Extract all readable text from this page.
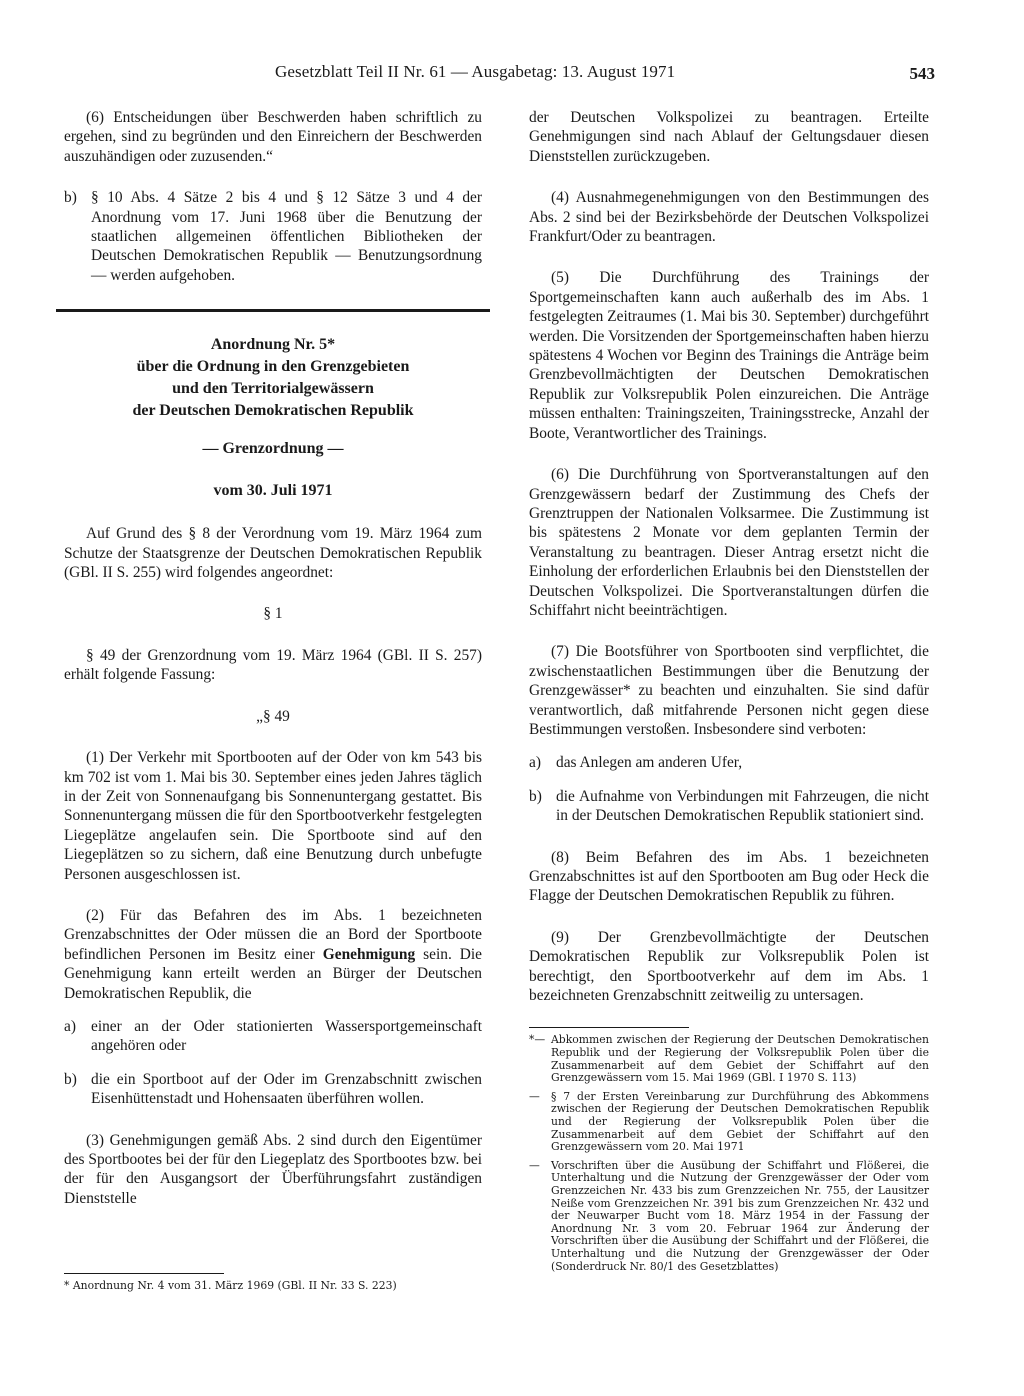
Gesetzblatt Teil II Nr. 61 — Ausgabetag: 13. August 1971	543

(6) Entscheidungen über Beschwerden haben schriftlich zu ergehen, sind zu begründen und den Einreichern der Beschwerden auszuhändigen oder zuzusenden.“

b) § 10 Abs. 4 Sätze 2 bis 4 und § 12 Sätze 3 und 4 der Anordnung vom 17. Juni 1968 über die Benutzung der staatlichen allgemeinen öffentlichen Bibliotheken der Deutschen Demokratischen Republik — Benutzungsordnung — werden aufgehoben.
Anordnung Nr. 5*
über die Ordnung in den Grenzgebieten
und den Territorialgewässern
der Deutschen Demokratischen Republik
— Grenzordnung —
vom 30. Juli 1971

Auf Grund des § 8 der Verordnung vom 19. März 1964 zum Schutze der Staatsgrenze der Deutschen Demokratischen Republik (GBl. II S. 255) wird folgendes angeordnet:

§ 1

§ 49 der Grenzordnung vom 19. März 1964 (GBl. II S. 257) erhält folgende Fassung:

„§ 49

(1) Der Verkehr mit Sportbooten auf der Oder von km 543 bis km 702 ist vom 1. Mai bis 30. September eines jeden Jahres täglich in der Zeit von Sonnenaufgang bis Sonnenuntergang gestattet. Bis Sonnenuntergang müssen die für den Sportbootverkehr festgelegten Liegeplätze angelaufen sein. Die Sportboote sind auf den Liegeplätzen so zu sichern, daß eine Benutzung durch unbefugte Personen ausgeschlossen ist.

(2) Für das Befahren des im Abs. 1 bezeichneten Grenzabschnittes der Oder müssen die an Bord der Sportboote befindlichen Personen im Besitz einer Genehmigung sein. Die Genehmigung kann erteilt werden an Bürger der Deutschen Demokratischen Republik, die

a) einer an der Oder stationierten Wassersportgemeinschaft angehören oder
b) die ein Sportboot auf der Oder im Grenzabschnitt zwischen Eisenhüttenstadt und Hohensaaten überführen wollen.

(3) Genehmigungen gemäß Abs. 2 sind durch den Eigentümer des Sportbootes bei der für den Liegeplatz des Sportbootes bzw. bei der für den Ausgangsort der Überführungsfahrt zuständigen Dienststelle

* Anordnung Nr. 4 vom 31. März 1969 (GBl. II Nr. 33 S. 223)

der Deutschen Volkspolizei zu beantragen. Erteilte Genehmigungen sind nach Ablauf der Geltungsdauer diesen Dienststellen zurückzugeben.

(4) Ausnahmegenehmigungen von den Bestimmungen des Abs. 2 sind bei der Bezirksbehörde der Deutschen Volkspolizei Frankfurt/Oder zu beantragen.

(5) Die Durchführung des Trainings der Sportgemeinschaften kann auch außerhalb des im Abs. 1 festgelegten Zeitraumes (1. Mai bis 30. September) durchgeführt werden. Die Vorsitzenden der Sportgemeinschaften haben hierzu spätestens 4 Wochen vor Beginn des Trainings die Anträge beim Grenzbevollmächtigten der Deutschen Demokratischen Republik zur Volksrepublik Polen einzureichen. Die Anträge müssen enthalten: Trainingszeiten, Trainingsstrecke, Anzahl der Boote, Verantwortlicher des Trainings.

(6) Die Durchführung von Sportveranstaltungen auf den Grenzgewässern bedarf der Zustimmung des Chefs der Grenztruppen der Nationalen Volksarmee. Die Zustimmung ist bis spätestens 2 Monate vor dem geplanten Termin der Veranstaltung zu beantragen. Dieser Antrag ersetzt nicht die Einholung der erforderlichen Erlaubnis bei den Dienststellen der Deutschen Volkspolizei. Die Sportveranstaltungen dürfen die Schiffahrt nicht beeinträchtigen.

(7) Die Bootsführer von Sportbooten sind verpflichtet, die zwischenstaatlichen Bestimmungen über die Benutzung der Grenzgewässer* zu beachten und einzuhalten. Sie sind dafür verantwortlich, daß mitfahrende Personen nicht gegen diese Bestimmungen verstoßen. Insbesondere sind verboten:

a) das Anlegen am anderen Ufer,
b) die Aufnahme von Verbindungen mit Fahrzeugen, die nicht in der Deutschen Demokratischen Republik stationiert sind.

(8) Beim Befahren des im Abs. 1 bezeichneten Grenzabschnittes ist auf den Sportbooten am Bug oder Heck die Flagge der Deutschen Demokratischen Republik zu führen.

(9) Der Grenzbevollmächtigte der Deutschen Demokratischen Republik zur Volksrepublik Polen ist berechtigt, den Sportbootverkehr auf dem im Abs. 1 bezeichneten Grenzabschnitt zeitweilig zu untersagen.

*— Abkommen zwischen der Regierung der Deutschen Demokratischen Republik und der Regierung der Volksrepublik Polen über die Zusammenarbeit auf dem Gebiet der Schiffahrt auf den Grenzgewässern vom 15. Mai 1969 (GBl. I 1970 S. 113)
—	§ 7 der Ersten Vereinbarung zur Durchführung des Abkommens zwischen der Regierung der Deutschen Demokratischen Republik und der Regierung der Volksrepublik Polen über die Zusammenarbeit auf dem Gebiet der Schiffahrt auf den Grenzgewässern vom 20. Mai 1971
—	Vorschriften über die Ausübung der Schiffahrt und Flößerei, die Unterhaltung und die Nutzung der Grenzgewässer der Oder vom Grenzzeichen Nr. 433 bis zum Grenzzeichen Nr. 755, der Lausitzer Neiße vom Grenzzeichen Nr. 391 bis zum Grenzzeichen Nr. 432 und der Neuwarper Bucht vom 18. März 1954 in der Fassung der Anordnung Nr. 3 vom 20. Februar 1964 zur Änderung der Vorschriften über die Ausübung der Schiffahrt und der Flößerei, die Unterhaltung und die Nutzung der Grenzgewässer der Oder (Sonderdruck Nr. 80/1 des Gesetzblattes)
